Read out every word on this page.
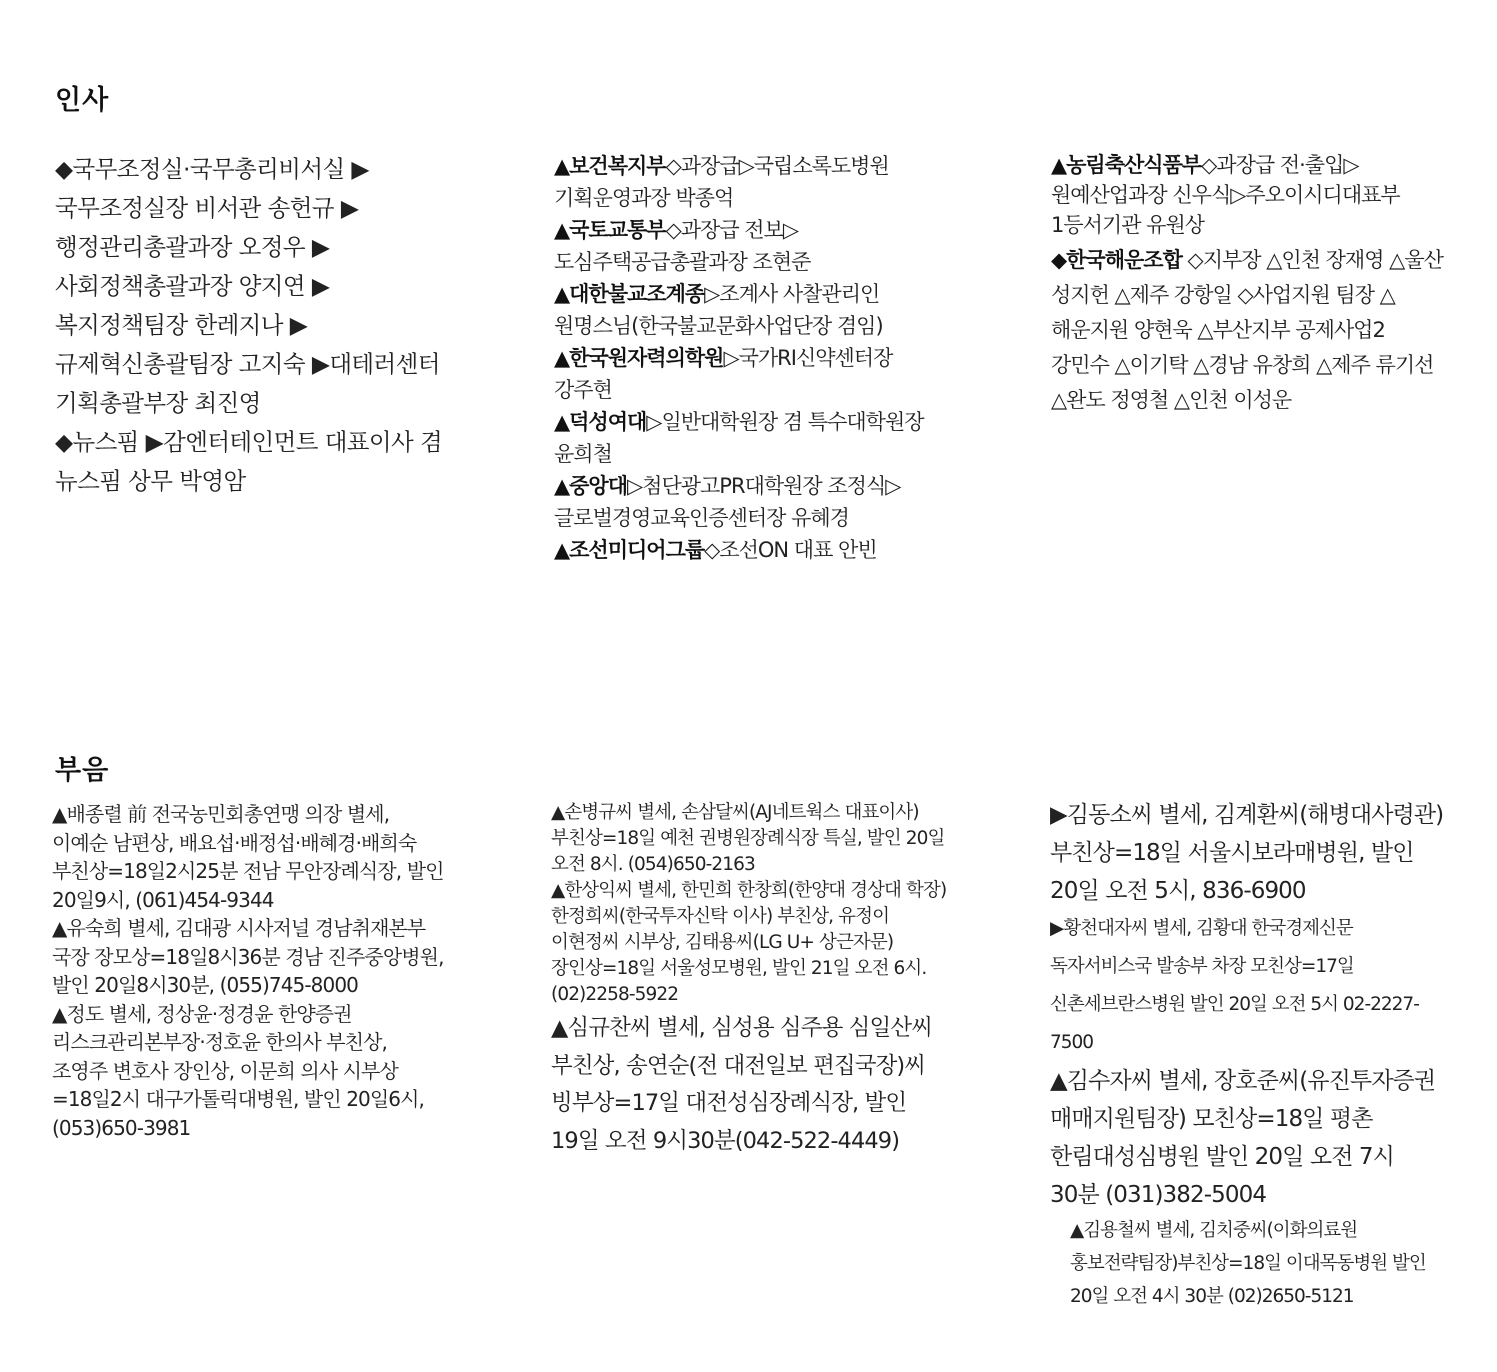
인사

◆국무조정실·국무총리비서실 ▶국무조정실장 비서관 송헌규 ▶행정관리총괄과장 오정우 ▶사회정책총괄과장 양지연 ▶복지정책팀장 한레지나 ▶규제혁신총괄팀장 고지숙 ▶대테러센터 기획총괄부장 최진영

◆뉴스핌 ▶감엔터테인먼트 대표이사 겸 뉴스핌 상무 박영암

▲보건복지부◇과장급▷국립소록도병원 기획운영과장 박종억

▲국토교통부◇과장급 전보▷도심주택공급총괄과장 조현준

▲대한불교조계종▷조계사 사찰관리인 원명스님(한국불교문화사업단장 겸임)

▲한국원자력의학원▷국가RI신약센터장 강주현

▲덕성여대▷일반대학원장 겸 특수대학원장 윤희철

▲중앙대▷첨단광고PR대학원장 조정식▷글로벌경영교육인증센터장 유혜경

▲조선미디어그룹◇조선ON 대표 안빈

▲농림축산식품부◇과장급 전·출입▷원예산업과장 신우식▷주오이시디대표부 1등서기관 유원상

◆한국해운조합 ◇지부장 △인천 장재영 △울산 성지헌 △제주 강항일 ◇사업지원 팀장 △해운지원 양현욱 △부산지부 공제사업2 강민수 △이기탁 △경남 유창희 △제주 류기선 △완도 정영철 △인천 이성운

부음

▲배종렬 前 전국농민회총연맹 의장 별세, 이예순 남편상, 배요섭·배정섭·배혜경·배희숙 부친상=18일2시25분 전남 무안장례식장, 발인 20일9시, (061)454-9344

▲유숙희 별세, 김대광 시사저널 경남취재본부 국장 장모상=18일8시36분 경남 진주중앙병원, 발인 20일8시30분, (055)745-8000

▲정도 별세, 정상윤·정경윤 한양증권 리스크관리본부장·정호윤 한의사 부친상, 조영주 변호사 장인상, 이문희 의사 시부상=18일2시 대구가톨릭대병원, 발인 20일6시, (053)650-3981

▲손병규씨 별세, 손삼달씨(AJ네트웍스 대표이사) 부친상=18일 예천 권병원장례식장 특실, 발인 20일 오전 8시. (054)650-2163

▲한상익씨 별세, 한민희 한창희(한양대 경상대 학장) 한정희씨(한국투자신탁 이사) 부친상, 유정이 이현정씨 시부상, 김태용씨(LG U+ 상근자문) 장인상=18일 서울성모병원, 발인 21일 오전 6시. (02)2258-5922

▲심규찬씨 별세, 심성용 심주용 심일산씨 부친상, 송연순(전 대전일보 편집국장)씨 빙부상=17일 대전성심장례식장, 발인 19일 오전 9시30분(042-522-4449)

▶김동소씨 별세, 김계환씨(해병대사령관) 부친상=18일 서울시보라매병원, 발인 20일 오전 5시, 836-6900

▶황천대자씨 별세, 김황대 한국경제신문 독자서비스국 발송부 차장 모친상=17일 신촌세브란스병원 발인 20일 오전 5시 02-2227-7500

▲김수자씨 별세, 장호준씨(유진투자증권 매매지원팀장) 모친상=18일 평촌 한림대성심병원 발인 20일 오전 7시 30분 (031)382-5004

▲김용철씨 별세, 김치중씨(이화의료원 홍보전략팀장)부친상=18일 이대목동병원 발인 20일 오전 4시 30분 (02)2650-5121
